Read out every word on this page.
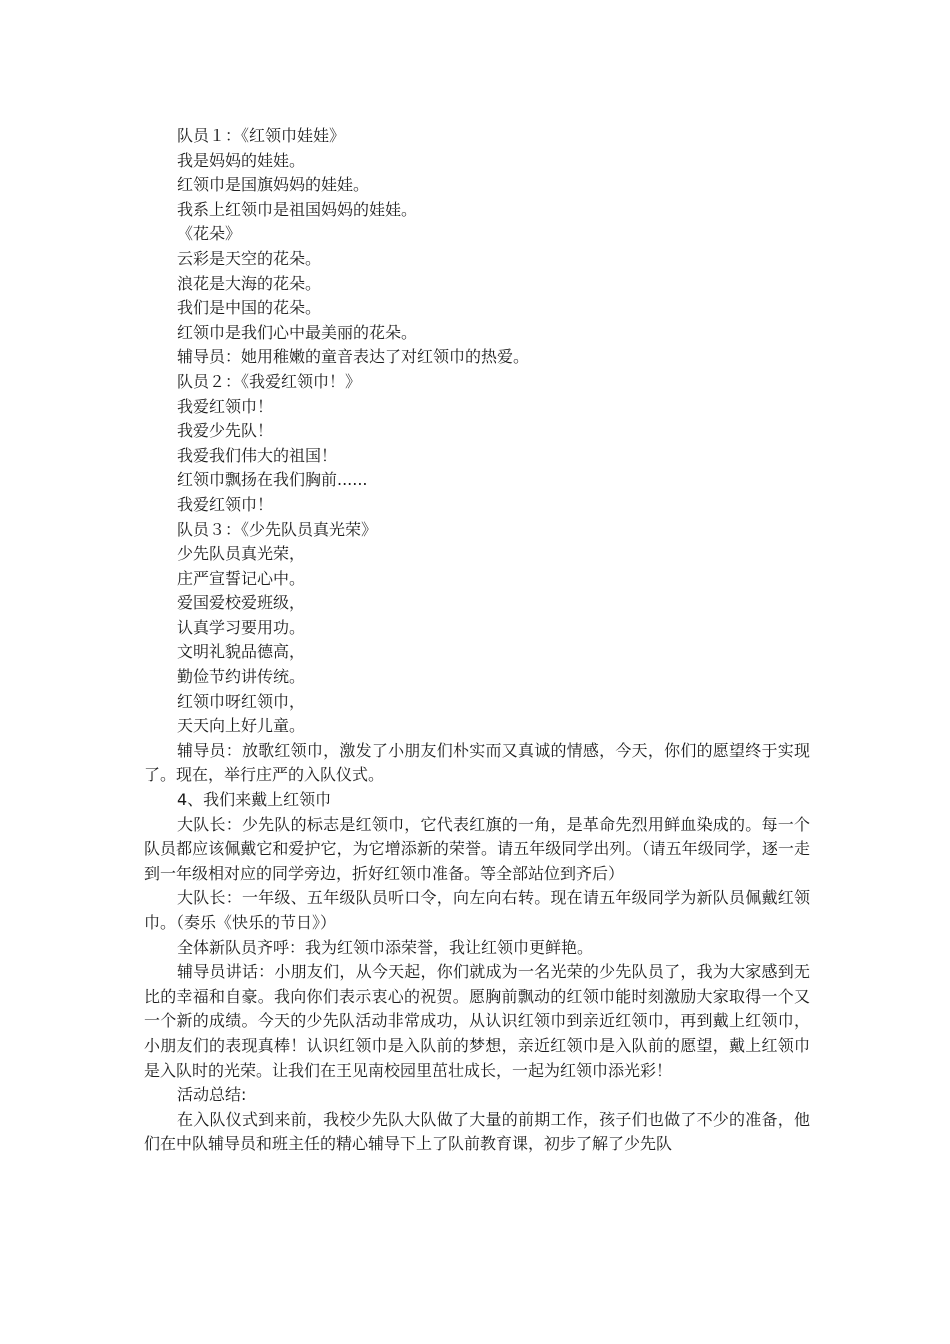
队员１：《红领巾娃娃》

我是妈妈的娃娃。

红领巾是国旗妈妈的娃娃。

我系上红领巾是祖国妈妈的娃娃。

《花朵》

云彩是天空的花朵。

浪花是大海的花朵。

我们是中国的花朵。

红领巾是我们心中最美丽的花朵。

辅导员：她用稚嫩的童音表达了对红领巾的热爱。

队员２：《我爱红领巾！》

我爱红领巾！

我爱少先队！

我爱我们伟大的祖国！

红领巾飘扬在我们胸前......

我爱红领巾！

队员３：《少先队员真光荣》

少先队员真光荣，

庄严宣誓记心中。

爱国爱校爱班级，

认真学习要用功。

文明礼貌品德高，

勤俭节约讲传统。

红领巾呀红领巾，

天天向上好儿童。

辅导员：放歌红领巾，激发了小朋友们朴实而又真诚的情感，今天，你们的愿望终于实现了。现在，举行庄严的入队仪式。

4、我们来戴上红领巾

大队长：少先队的标志是红领巾，它代表红旗的一角，是革命先烈用鲜血染成的。每一个队员都应该佩戴它和爱护它，为它增添新的荣誉。请五年级同学出列。（请五年级同学，逐一走到一年级相对应的同学旁边，折好红领巾准备。等全部站位到齐后）

大队长：一年级、五年级队员听口令，向左向右转。现在请五年级同学为新队员佩戴红领巾。（奏乐《快乐的节日》）

全体新队员齐呼：我为红领巾添荣誉，我让红领巾更鲜艳。

辅导员讲话：小朋友们，从今天起，你们就成为一名光荣的少先队员了，我为大家感到无比的幸福和自豪。我向你们表示衷心的祝贺。愿胸前飘动的红领巾能时刻激励大家取得一个又一个新的成绩。今天的少先队活动非常成功，从认识红领巾到亲近红领巾，再到戴上红领巾，小朋友们的表现真棒！认识红领巾是入队前的梦想，亲近红领巾是入队前的愿望，戴上红领巾是入队时的光荣。让我们在王见南校园里茁壮成长，一起为红领巾添光彩！

活动总结:

在入队仪式到来前，我校少先队大队做了大量的前期工作，孩子们也做了不少的准备，他们在中队辅导员和班主任的精心辅导下上了队前教育课，初步了解了少先队
